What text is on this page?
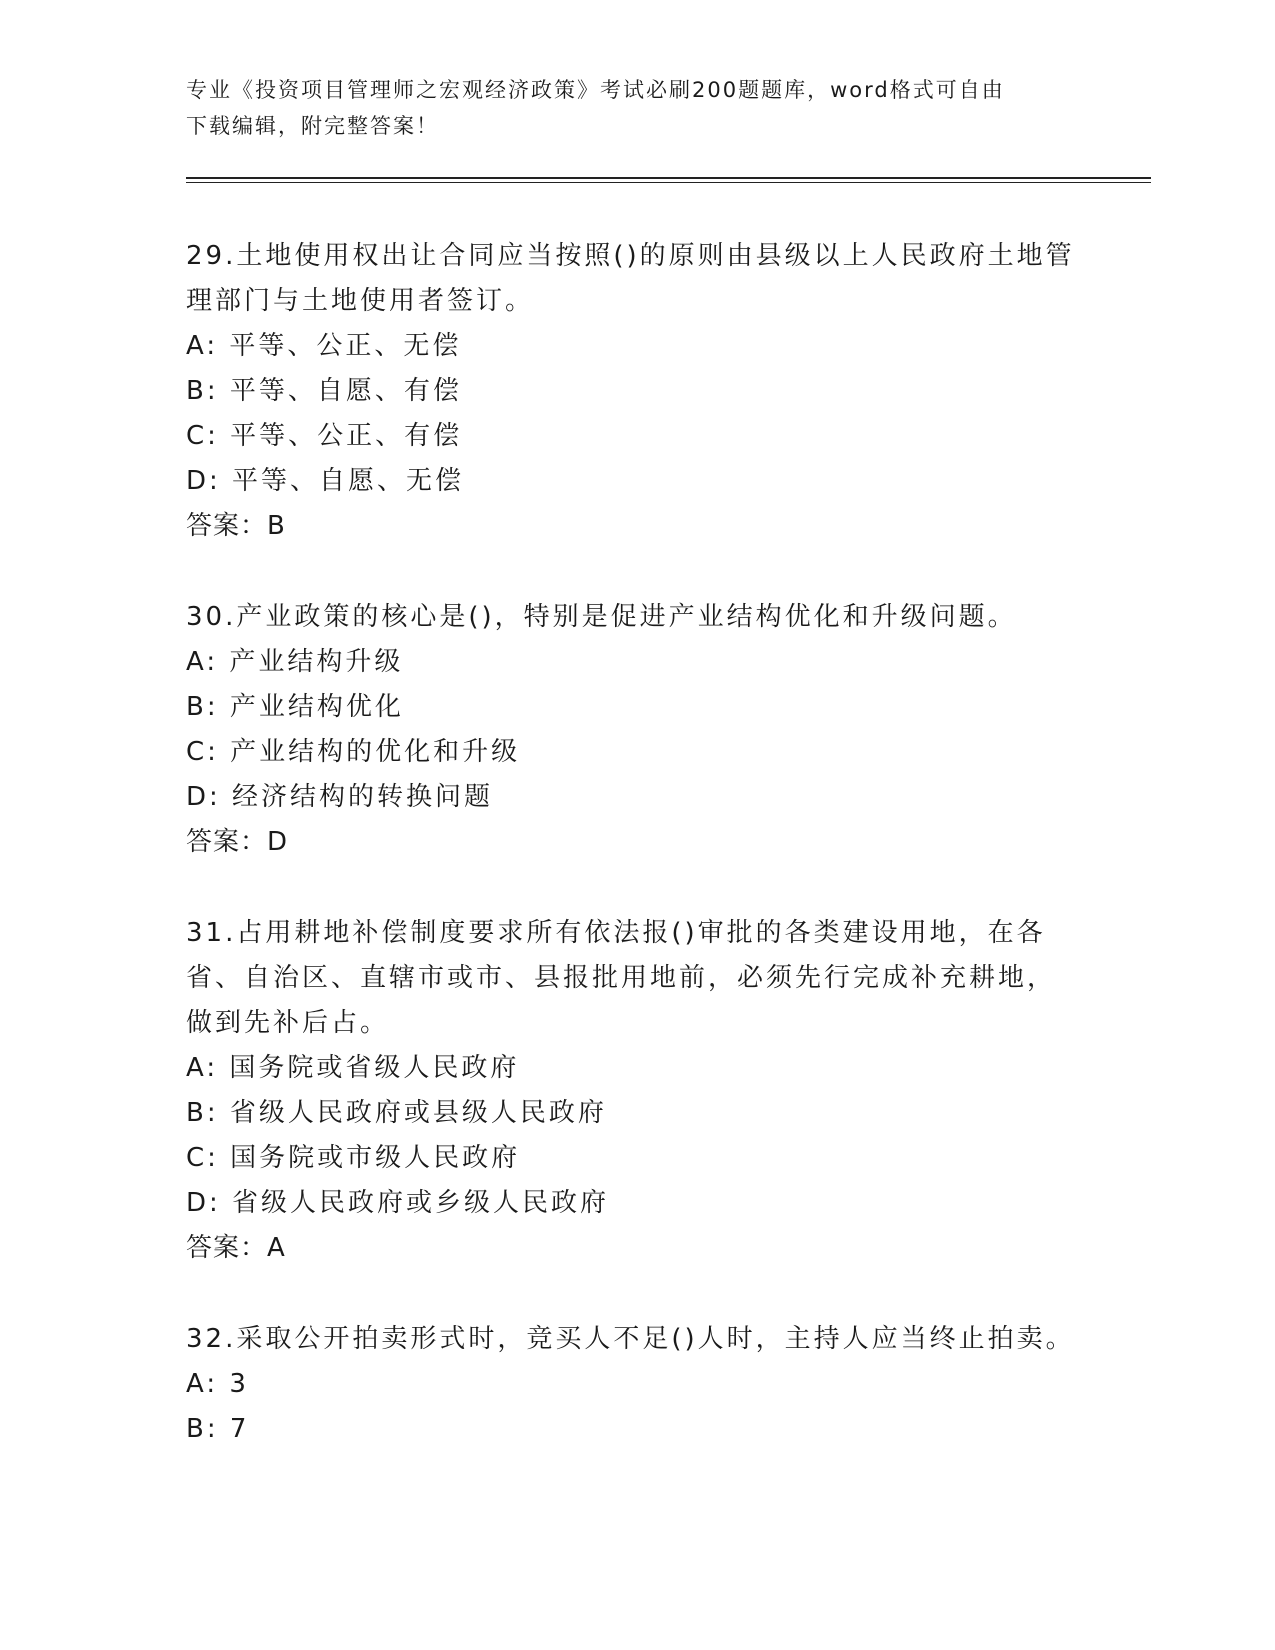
专业《投资项目管理师之宏观经济政策》考试必刷200题题库，word格式可自由
下载编辑，附完整答案！
29.土地使用权出让合同应当按照()的原则由县级以上人民政府土地管理部门与土地使用者签订。
A: 平等、公正、无偿
B: 平等、自愿、有偿
C: 平等、公正、有偿
D: 平等、自愿、无偿
答案：B
30.产业政策的核心是()，特别是促进产业结构优化和升级问题。
A: 产业结构升级
B: 产业结构优化
C: 产业结构的优化和升级
D: 经济结构的转换问题
答案：D
31.占用耕地补偿制度要求所有依法报()审批的各类建设用地，在各省、自治区、直辖市或市、县报批用地前，必须先行完成补充耕地，做到先补后占。
A: 国务院或省级人民政府
B: 省级人民政府或县级人民政府
C: 国务院或市级人民政府
D: 省级人民政府或乡级人民政府
答案：A
32.采取公开拍卖形式时，竞买人不足()人时，主持人应当终止拍卖。
A: 3
B: 7
